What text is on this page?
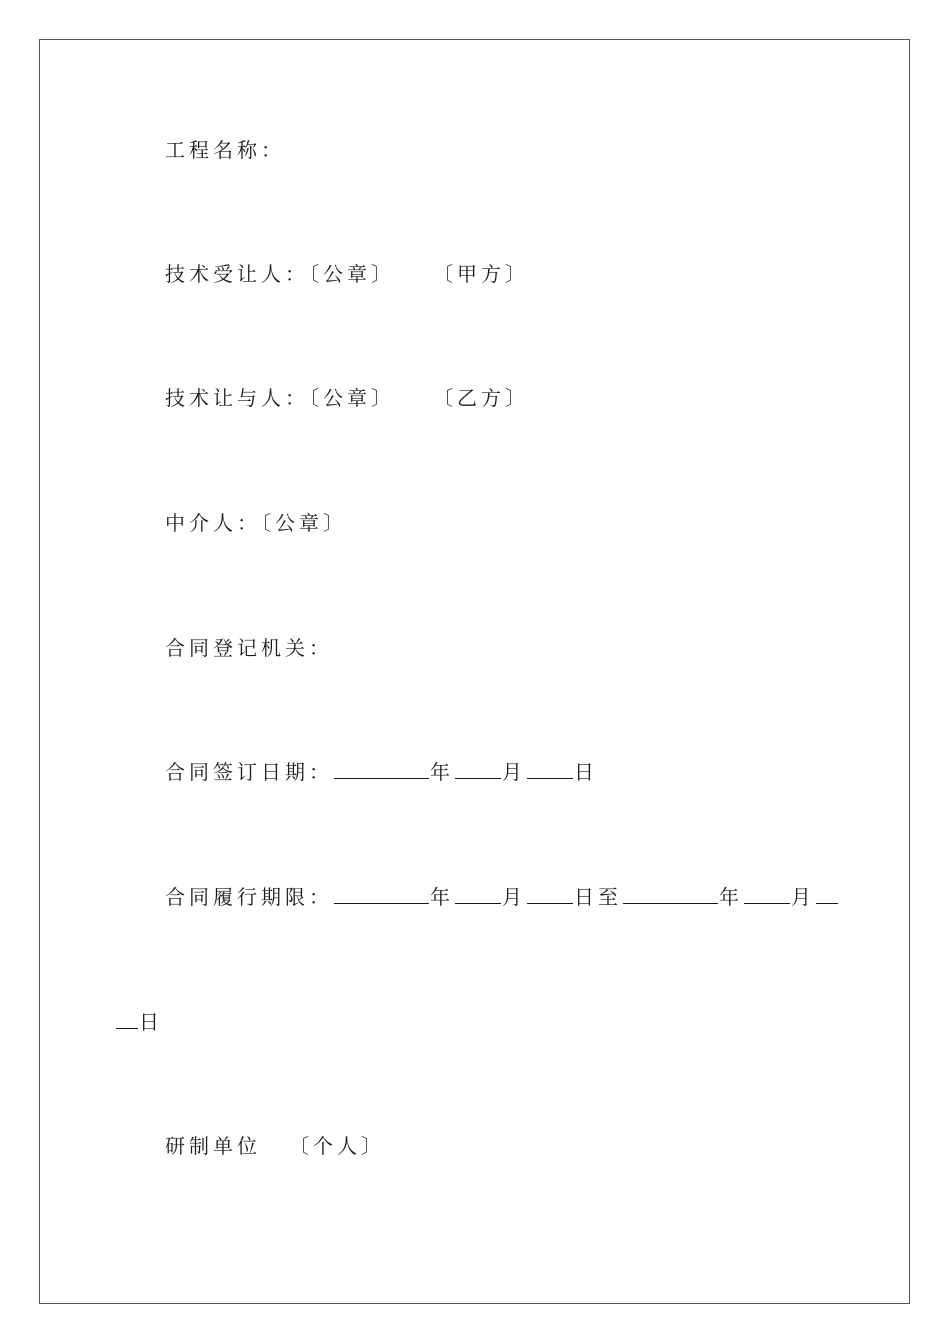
工程名称：
技术受让人：〔公章〕 〔甲方〕
技术让与人：〔公章〕 〔乙方〕
中介人：〔公章〕
合同登记机关：
合同签订日期：	年 月 日
合同履行期限：	年 月 日至	年 月
日
研制单位 〔个人〕
